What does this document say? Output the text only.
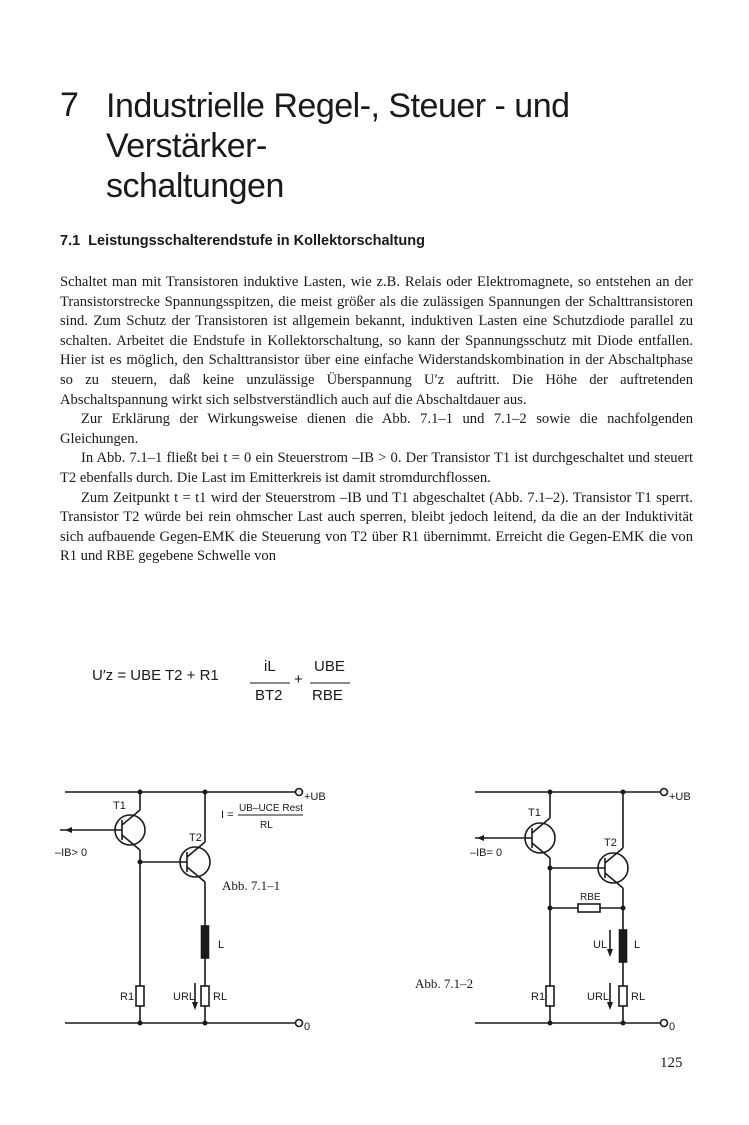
7 Industrielle Regel-, Steuer - und Verstärker-
schaltungen
7.1 Leistungsschalterendstufe in Kollektorschaltung

Schaltet man mit Transistoren induktive Lasten, wie z.B. Relais oder Elektromagnete, so entstehen an der Transistorstrecke Spannungsspitzen, die meist größer als die zulässigen Spannungen der Schalttransistoren sind. Zum Schutz der Transistoren ist allgemein bekannt, induktiven Lasten eine Schutzdiode parallel zu schalten. Arbeitet die Endstufe in Kollektorschaltung, so kann der Spannungsschutz mit Diode entfallen. Hier ist es möglich, den Schalttransistor über eine einfache Widerstandskombination in der Abschaltphase so zu steuern, daß keine unzulässige Überspannung U′z auftritt. Die Höhe der auftretenden Abschaltspannung wirkt sich selbstverständlich auch auf die Abschaltdauer aus.

Zur Erklärung der Wirkungsweise dienen die Abb. 7.1–1 und 7.1–2 sowie die nachfolgenden Gleichungen.

In Abb. 7.1–1 fließt bei t = 0 ein Steuerstrom –IB > 0. Der Transistor T1 ist durchgeschaltet und steuert T2 ebenfalls durch. Die Last im Emitterkreis ist damit stromdurchflossen.

Zum Zeitpunkt t = t1 wird der Steuerstrom –IB und T1 abgeschaltet (Abb. 7.1–2). Transistor T1 sperrt. Transistor T2 würde bei rein ohmscher Last auch sperren, bleibt jedoch leitend, da die an der Induktivität sich aufbauende Gegen-EMK die Steuerung von T2 über R1 übernimmt. Erreicht die Gegen-EMK die von R1 und RBE gegebene Schwelle von

U′z = UBE T2 + R1
iL
BT2
+
UBE
RBE
+UB
0
T1
T2
–IB> 0
I =
UB–UCE Rest
RL
Abb. 7.1–1
L
R1	URL RL
+UB
0
T1
T2
–IB= 0
RBE
UL L
R1	URL RL
Abb. 7.1–2
125
